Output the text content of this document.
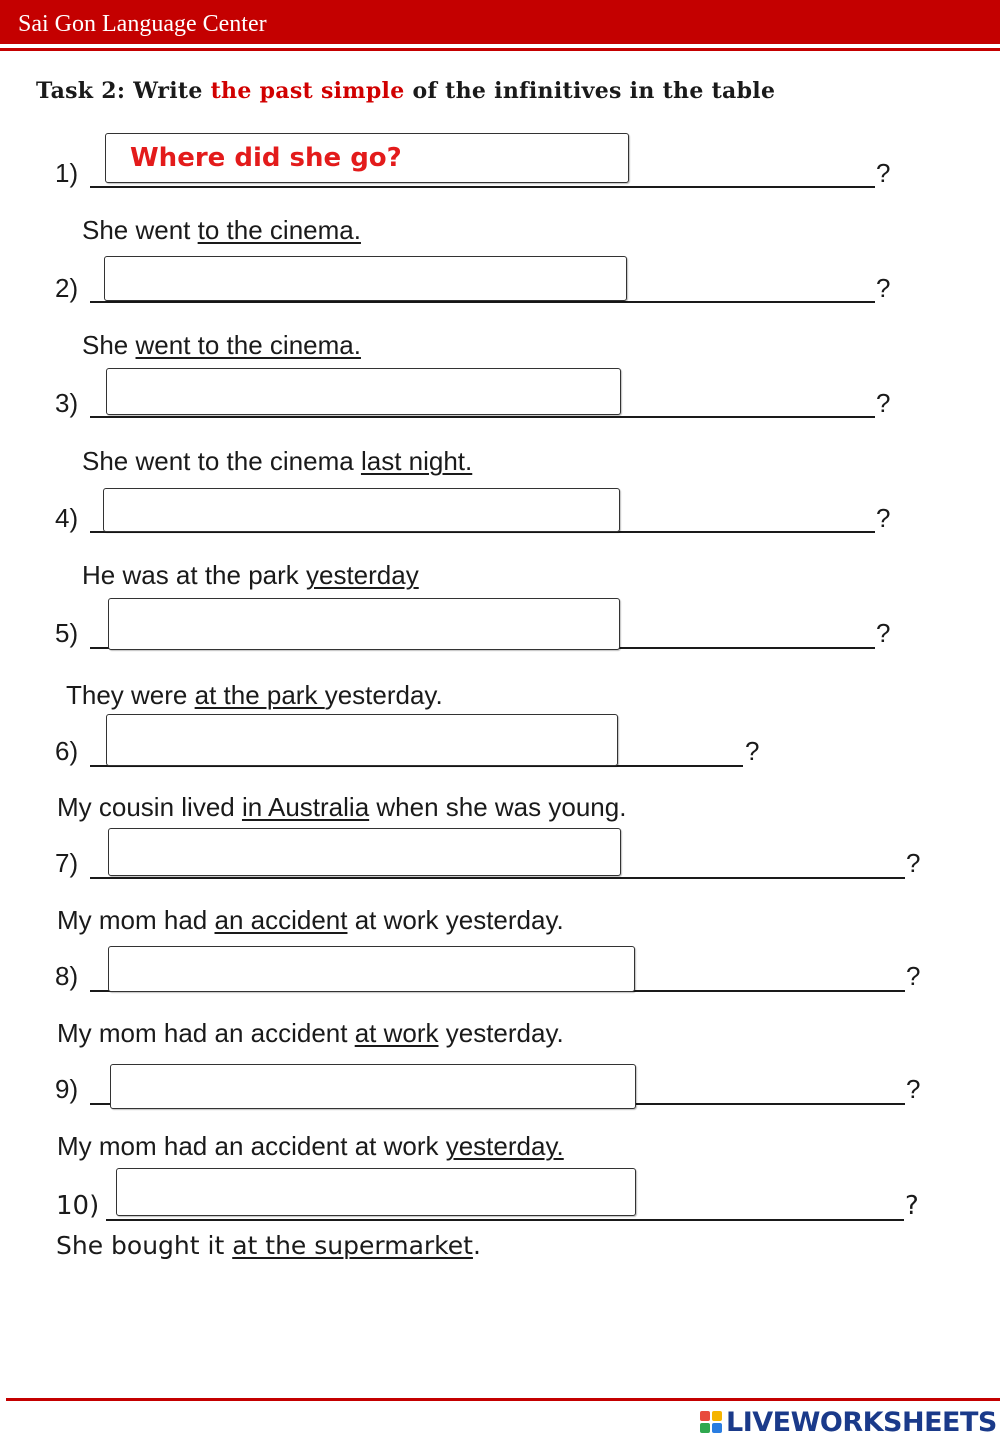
Sai Gon Language Center
Task 2: Write the past simple of the infinitives in the table
1)	?
Where did she go?
She went to the cinema.
2)	?
She went to the cinema.
3)	?
She went to the cinema last night.
4)	?
He was at the park yesterday
5)	?
They were at the park yesterday.
6)	?
My cousin lived in Australia when she was young.
7)	?
My mom had an accident at work yesterday.
8)	?
My mom had an accident at work yesterday.
9)	?
My mom had an accident at work yesterday.
10)	?
She bought it at the supermarket.
LIVEWORKSHEETS
